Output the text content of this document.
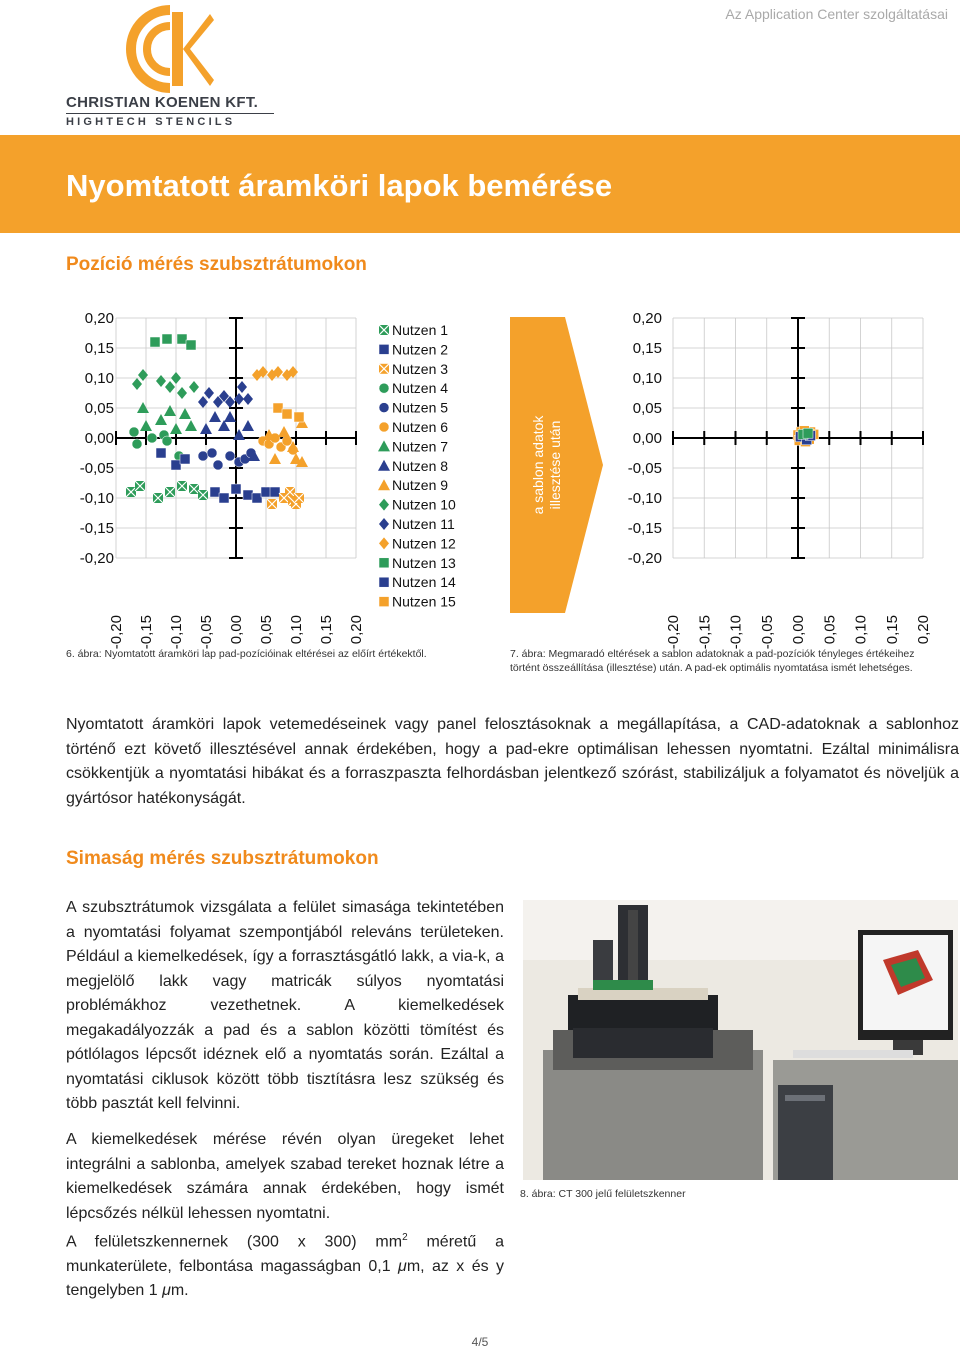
CHRISTIAN KOENEN KFT.
HIGHTECH STENCILS
Az Application Center szolgáltatásai
Nyomtatott áramköri lapok bemérése
Pozíció mérés szubsztrátumokon
0,20
0,15
0,10
0,05
0,00
-0,05
-0,10
-0,15
-0,20
-0,20 -0,15 -0,10 -0,05 0,00 0,05 0,10 0,15 0,20
Nutzen 1
Nutzen 2
Nutzen 3
Nutzen 4
Nutzen 5
Nutzen 6
Nutzen 7
Nutzen 8
Nutzen 9
Nutzen 10
Nutzen 11
Nutzen 12
Nutzen 13
Nutzen 14
Nutzen 15
a sablon adatok illesztése után
0,20
0,15
0,10
0,05
0,00
-0,05
-0,10
-0,15
-0,20
-0,20 -0,15 -0,10 -0,05 0,00 0,05 0,10 0,15 0,20
6. ábra: Nyomtatott áramköri lap pad-pozícióinak eltérései az előírt értékektől.	7. ábra: Megmaradó eltérések a sablon adatoknak a pad-pozíciók tényleges értékeihez
történt összeállítása (illesztése) után. A pad-ek optimális nyomtatása ismét lehetséges.
Nyomtatott áramköri lapok vetemedéseinek vagy panel felosztásoknak a megállapítása, a CAD-adatoknak a sablonhoz történő ezt követő illesztésével annak érdekében, hogy a pad-ekre optimálisan lehessen nyomtatni. Ezáltal minimálisra csökkentjük a nyomtatási hibákat és a forraszpaszta felhordásban jelentkező szórást, stabilizáljuk a folyamatot és növeljük a gyártósor hatékonyságát.
Simaság mérés szubsztrátumokon

A szubsztrátumok vizsgálata a felület simasága tekintetében a nyomtatási folyamat szempontjából releváns területeken. Például a kiemelkedések, így a forrasztásgátló lakk, a via-k, a megjelölő lakk vagy matricák súlyos nyomtatási problémákhoz vezethetnek. A kiemelkedések megakadályozzák a pad és a sablon közötti tömítést és pótlólagos lépcsőt idéznek elő a nyomtatás során. Ezáltal a nyomtatási ciklusok között több tisztításra lesz szükség és több pasztát kell felvinni.

A kiemelkedések mérése révén olyan üregeket lehet integrálni a sablonba, amelyek szabad tereket hoznak létre a kiemelkedések számára annak érdekében, hogy ismét lépcsőzés nélkül lehessen nyomtatni.
A felületszkennernek (300 x 300) $mm^2$ méretű a munkaterülete, felbontása magasságban 0,1 μm, az x és y tengelyben 1 μm.
8. ábra: CT 300 jelű felületszkenner
4/5
